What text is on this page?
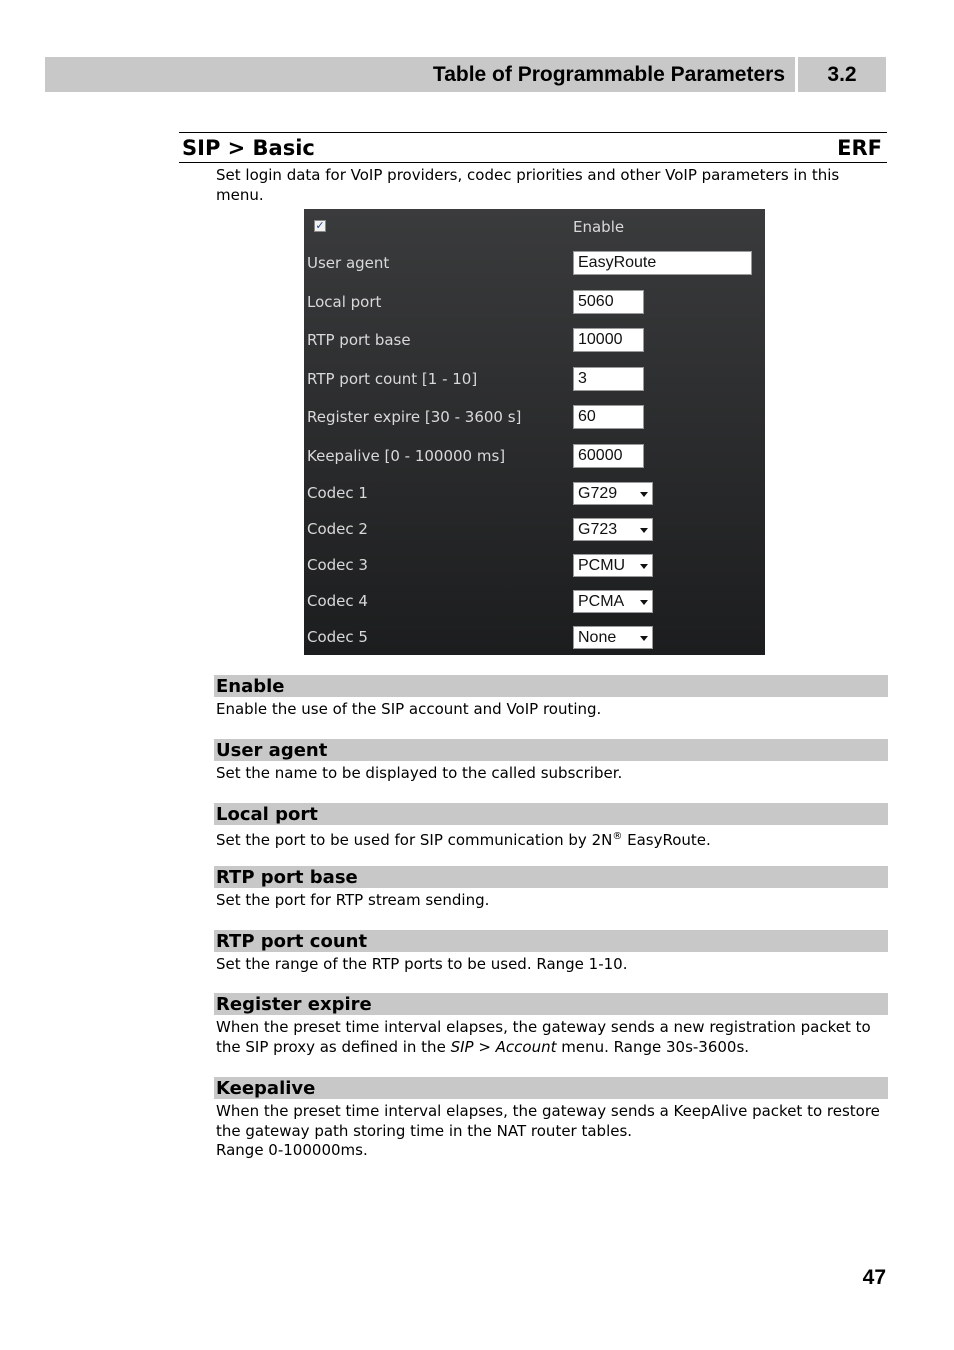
Table of Programmable Parameters	3.2
SIP > Basic	ERF
Set login data for VoIP providers, codec priorities and other VoIP parameters in this menu.
✓	Enable
User agent	EasyRoute
Local port	5060
RTP port base	10000
RTP port count [1 - 10]	3
Register expire [30 - 3600 s]	60
Keepalive [0 - 100000 ms]	60000
Codec 1	G729
Codec 2	G723
Codec 3	PCMU
Codec 4	PCMA
Codec 5	None
Enable
Enable the use of the SIP account and VoIP routing.
User agent
Set the name to be displayed to the called subscriber.
Local port
Set the port to be used for SIP communication by 2N® EasyRoute.
RTP port base
Set the port for RTP stream sending.
RTP port count
Set the range of the RTP ports to be used. Range 1-10.
Register expire
When the preset time interval elapses, the gateway sends a new registration packet to the SIP proxy as defined in the SIP > Account menu. Range 30s-3600s.
Keepalive
When the preset time interval elapses, the gateway sends a KeepAlive packet to restore the gateway path storing time in the NAT router tables.
Range 0-100000ms.
47
